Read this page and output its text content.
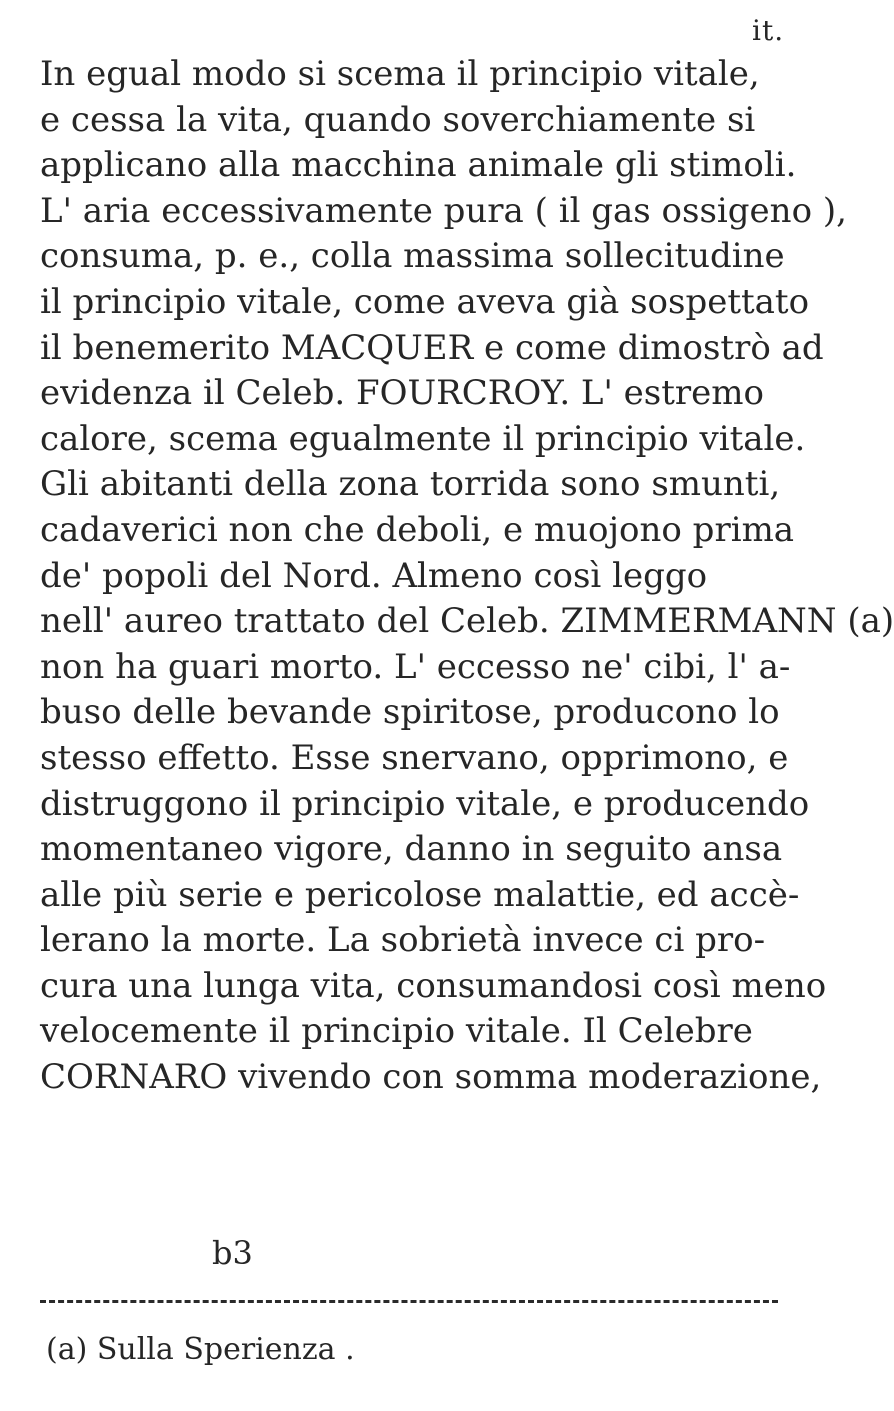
it.
In egual modo si scema il principio vitale,
e cessa la vita, quando soverchiamente si
applicano alla macchina animale gli stimoli.
L' aria eccessivamente pura ( il gas ossigeno ),
consuma, p. e., colla massima sollecitudine
il principio vitale, come aveva già sospettato
il benemerito MACQUER e come dimostrò ad
evidenza il Celeb. FOURCROY. L' estremo
calore, scema egualmente il principio vitale.
Gli abitanti della zona torrida sono smunti,
cadaverici non che deboli, e muojono prima
de' popoli del Nord. Almeno così leggo
nell' aureo trattato del Celeb. ZIMMERMANN (a)
non ha guari morto. L' eccesso ne' cibi, l' a-
buso delle bevande spiritose, producono lo
stesso effetto. Esse snervano, opprimono, e
distruggono il principio vitale, e producendo
momentaneo vigore, danno in seguito ansa
alle più serie e pericolose malattie, ed accè-
lerano la morte. La sobrietà invece ci pro-
cura una lunga vita, consumandosi così meno
velocemente il principio vitale. Il Celebre
CORNARO vivendo con somma moderazione,
b3
(a) Sulla Sperienza .
